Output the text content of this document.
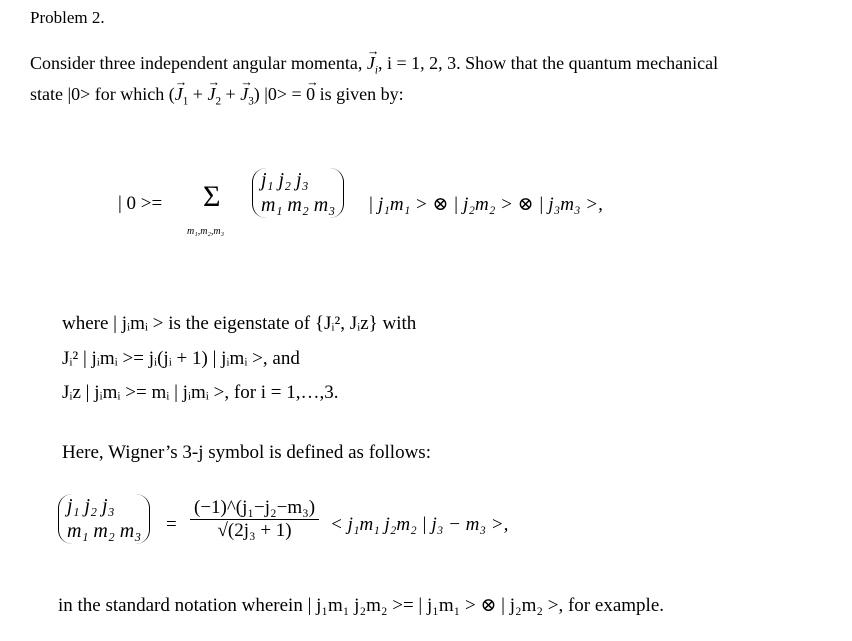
Problem 2.
Consider three independent angular momenta, → $J_i$, i = 1, 2, 3. Show that the quantum mechanical
state |0> for which (→ $J_1$ + → $J_2$ + → $J_3$) |0> = → 0 is given by:
| 0 >= Σ
m₁,m₂,m₃
j₁ j₂ j₃
m₁ m₂ m₃ | j₁m₁ > ⊗ | j₂m₂ > ⊗ | j₃m₃ >,
where | jᵢmᵢ > is the eigenstate of {Jᵢ², Jᵢz} with
Jᵢ² | jᵢmᵢ >= jᵢ(jᵢ + 1) | jᵢmᵢ >, and
Jᵢz | jᵢmᵢ >= mᵢ | jᵢmᵢ >, for i = 1,…,3.
Here, Wigner’s 3-j symbol is defined as follows:
j₁ j₂ j₃
m₁ m₂ $m_3 = \frac{\text{(−1)\textasciicircum{}(j₁−j₂−m₃)}}{\text{√(2j₃ + 1)}} < j_1m_1$ j₂m₂ | j₃ − m₃ >,
in the standard notation wherein | j₁m₁ j₂m₂ >= | j₁m₁ > ⊗ | j₂m₂ >, for example.
